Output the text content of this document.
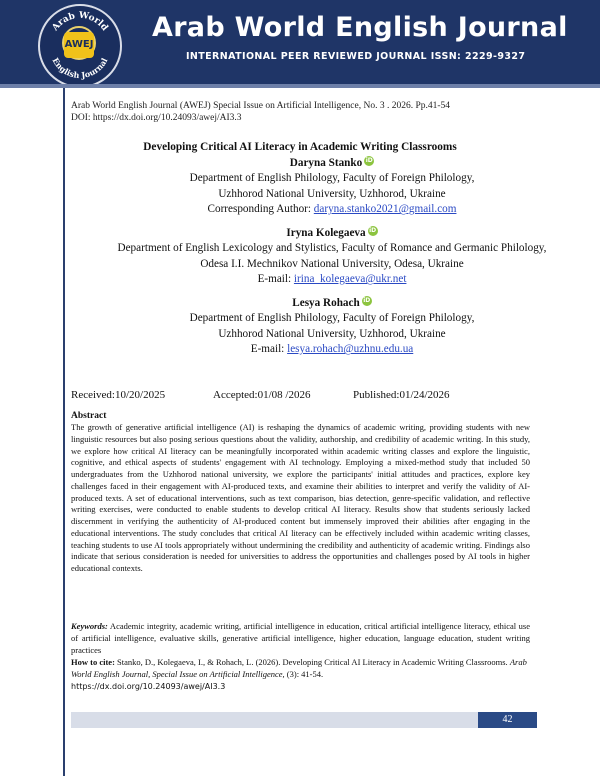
Arab World
English Journal
AWEJ
Arab World English Journal
INTERNATIONAL PEER REVIEWED JOURNAL ISSN: 2229-9327
Arab World English Journal (AWEJ) Special Issue on Artificial Intelligence, No. 3 . 2026. Pp.41-54
DOI: https://dx.doi.org/10.24093/awej/AI3.3
Developing Critical AI Literacy in Academic Writing Classrooms
Daryna Stanko iD
Department of English Philology, Faculty of Foreign Philology,
Uzhhorod National University, Uzhhorod, Ukraine
Corresponding Author: daryna.stanko2021@gmail.com
Iryna Kolegaeva iD
Department of English Lexicology and Stylistics, Faculty of Romance and Germanic Philology,
Odesa I.I. Mechnikov National University, Odesa, Ukraine
E-mail: irina_kolegaeva@ukr.net
Lesya Rohach iD
Department of English Philology, Faculty of Foreign Philology,
Uzhhorod National University, Uzhhorod, Ukraine
E-mail: lesya.rohach@uzhnu.edu.ua
Received:10/20/2025	Accepted:01/08 /2026	Published:01/24/2026
Abstract

The growth of generative artificial intelligence (AI) is reshaping the dynamics of academic writing, providing students with new linguistic resources but also posing serious questions about the validity, authorship, and credibility of academic writing. In this study, we explore how critical AI literacy can be meaningfully incorporated within academic writing classes and explore the linguistic, cognitive, and ethical aspects of students' engagement with AI technology. Employing a mixed-method study that included 50 undergraduates from the Uzhhorod national university, we explore the participants' initial attitudes and practices, explore key challenges faced in their engagement with AI-produced texts, and examine their abilities to interpret and verify the validity of AI-produced texts. A set of educational interventions, such as text comparison, bias detection, genre-specific validation, and reflective writing exercises, were conducted to enable students to develop critical AI literacy. Results show that students seriously lacked discernment in verifying the authenticity of AI-produced content but immensely improved their abilities after engaging in the educational interventions. The study concludes that critical AI literacy can be effectively included within academic writing classes, teaching students to use AI tools appropriately without undermining the credibility and authenticity of academic writing. Findings also indicate that serious consideration is needed for universities to address the opportunities and challenges posed by AI tools in higher educational contexts.

Keywords: Academic integrity, academic writing, artificial intelligence in education, critical artificial intelligence literacy, ethical use of artificial intelligence, evaluative skills, generative artificial intelligence, higher education, language education, student writing practices

How to cite: Stanko, D., Kolegaeva, I., & Rohach, L. (2026). Developing Critical AI Literacy in Academic Writing Classrooms. Arab World English Journal, Special Issue on Artificial Intelligence, (3): 41-54.
https://dx.doi.org/10.24093/awej/AI3.3

42
